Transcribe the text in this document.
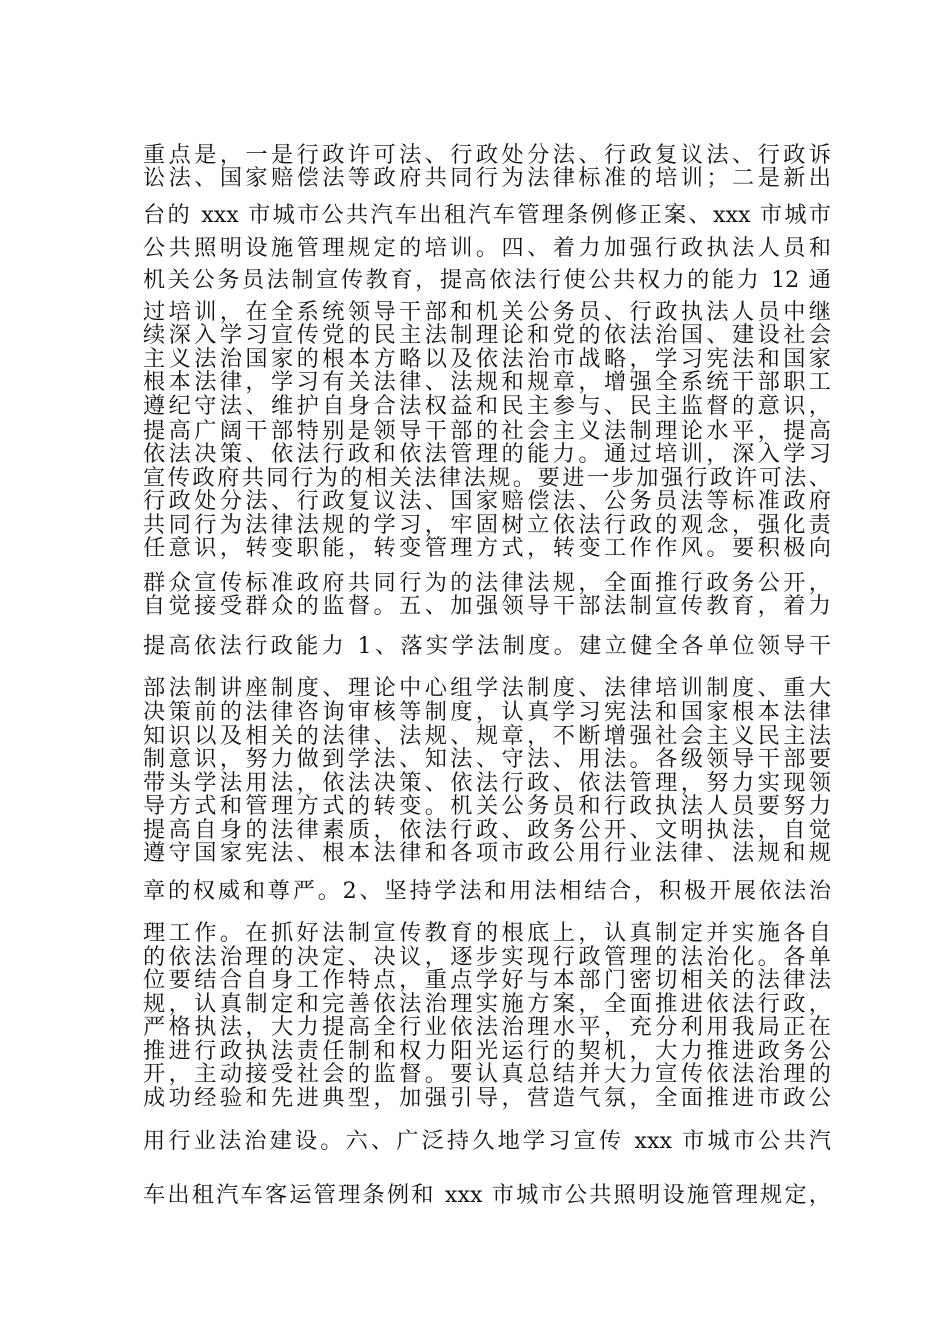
重点是，一是行政许可法、行政处分法、行政复议法、行政诉
讼法、国家赔偿法等政府共同行为法律标准的培训；二是新出
台的 xxx 市城市公共汽车出租汽车管理条例修正案、xxx 市城市
公共照明设施管理规定的培训。四、着力加强行政执法人员和
机关公务员法制宣传教育，提高依法行使公共权力的能力 12 通
过培训，在全系统领导干部和机关公务员、行政执法人员中继
续深入学习宣传党的民主法制理论和党的依法治国、建设社会
主义法治国家的根本方略以及依法治市战略，学习宪法和国家
根本法律，学习有关法律、法规和规章，增强全系统干部职工
遵纪守法、维护自身合法权益和民主参与、民主监督的意识，
提高广阔干部特别是领导干部的社会主义法制理论水平，提高
依法决策、依法行政和依法管理的能力。通过培训，深入学习
宣传政府共同行为的相关法律法规。要进一步加强行政许可法、
行政处分法、行政复议法、国家赔偿法、公务员法等标准政府
共同行为法律法规的学习，牢固树立依法行政的观念，强化责
任意识，转变职能，转变管理方式，转变工作作风。要积极向
群众宣传标准政府共同行为的法律法规，全面推行政务公开，
自觉接受群众的监督。五、加强领导干部法制宣传教育，着力
提高依法行政能力 1、落实学法制度。建立健全各单位领导干
部法制讲座制度、理论中心组学法制度、法律培训制度、重大
决策前的法律咨询审核等制度，认真学习宪法和国家根本法律
知识以及相关的法律、法规、规章，不断增强社会主义民主法
制意识，努力做到学法、知法、守法、用法。各级领导干部要
带头学法用法，依法决策、依法行政、依法管理，努力实现领
导方式和管理方式的转变。机关公务员和行政执法人员要努力
提高自身的法律素质，依法行政、政务公开、文明执法，自觉
遵守国家宪法、根本法律和各项市政公用行业法律、法规和规
章的权威和尊严。2、坚持学法和用法相结合，积极开展依法治
理工作。在抓好法制宣传教育的根底上，认真制定并实施各自
的依法治理的决定、决议，逐步实现行政管理的法治化。各单
位要结合自身工作特点，重点学好与本部门密切相关的法律法
规，认真制定和完善依法治理实施方案，全面推进依法行政，
严格执法，大力提高全行业依法治理水平，充分利用我局正在
推进行政执法责任制和权力阳光运行的契机，大力推进政务公
开，主动接受社会的监督。要认真总结并大力宣传依法治理的
成功经验和先进典型，加强引导，营造气氛，全面推进市政公
用行业法治建设。六、广泛持久地学习宣传 xxx 市城市公共汽
车出租汽车客运管理条例和 xxx 市城市公共照明设施管理规定，
